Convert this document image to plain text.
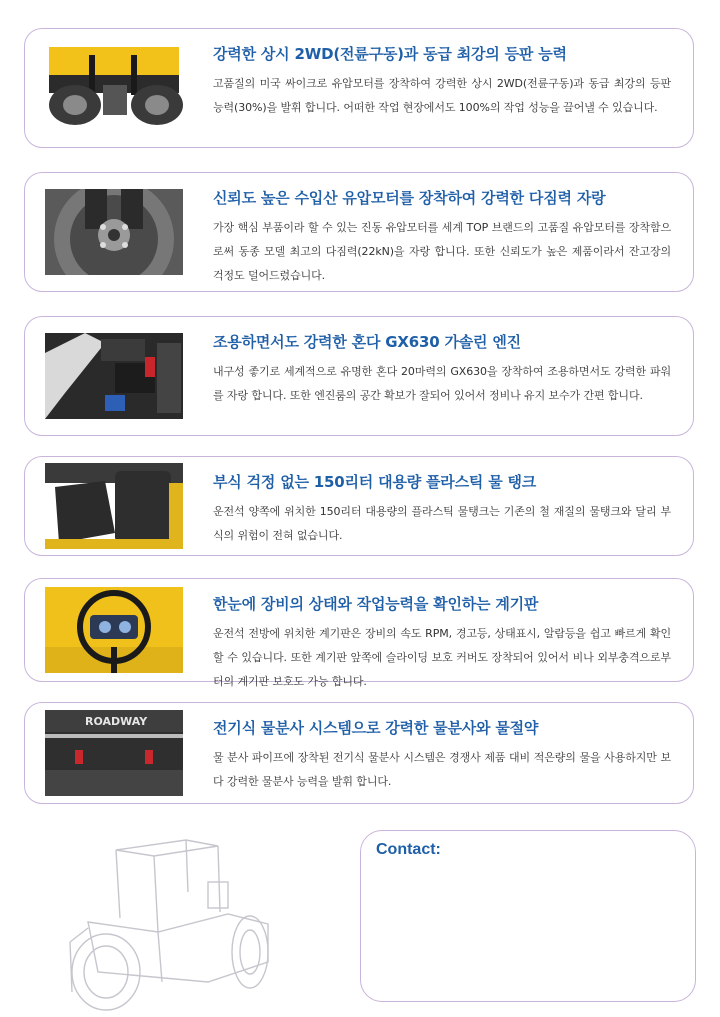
강력한 상시 2WD(전륜구동)과 동급 최강의 등판 능력

고품질의 미국 싸이크로 유압모터를 장착하여 강력한 상시 2WD(전륜구동)과 동급 최강의 등판 능력(30%)을 발휘 합니다. 어떠한 작업 현장에서도 100%의 작업 성능을 끌어낼 수 있습니다.

신뢰도 높은 수입산 유압모터를 장착하여 강력한 다짐력 자랑

가장 핵심 부품이라 할 수 있는 진동 유압모터를 세계 TOP 브랜드의 고품질 유압모터를 장착함으로써 동종 모델 최고의 다짐력(22kN)을 자랑 합니다. 또한 신뢰도가 높은 제품이라서 잔고장의 걱정도 덜어드렸습니다.

조용하면서도 강력한 혼다 GX630 가솔린 엔진

내구성 좋기로 세계적으로 유명한 혼다 20마력의 GX630을 장착하여 조용하면서도 강력한 파워를 자랑 합니다. 또한 엔진룸의 공간 확보가 잘되어 있어서 정비나 유지 보수가 간편 합니다.

부식 걱정 없는 150리터 대용량 플라스틱 물 탱크

운전석 양쪽에 위치한 150리터 대용량의 플라스틱 물탱크는 기존의 철 재질의 물탱크와 달리 부식의 위험이 전혀 없습니다.

한눈에 장비의 상태와 작업능력을 확인하는 계기판

운전석 전방에 위치한 계기판은 장비의 속도 RPM, 경고등, 상태표시, 알람등을 쉽고 빠르게 확인할 수 있습니다. 또한 계기판 앞쪽에 슬라이딩 보호 커버도 장착되어 있어서 비나 외부충격으로부터의 계기판 보호도 가능 합니다.

ROADWAY	전기식 물분사 시스템으로 강력한 물분사와 물절약

물 분사 파이프에 장착된 전기식 물분사 시스템은 경쟁사 제품 대비 적은량의 물을 사용하지만 보다 강력한 물분사 능력을 발휘 합니다.

Contact:
